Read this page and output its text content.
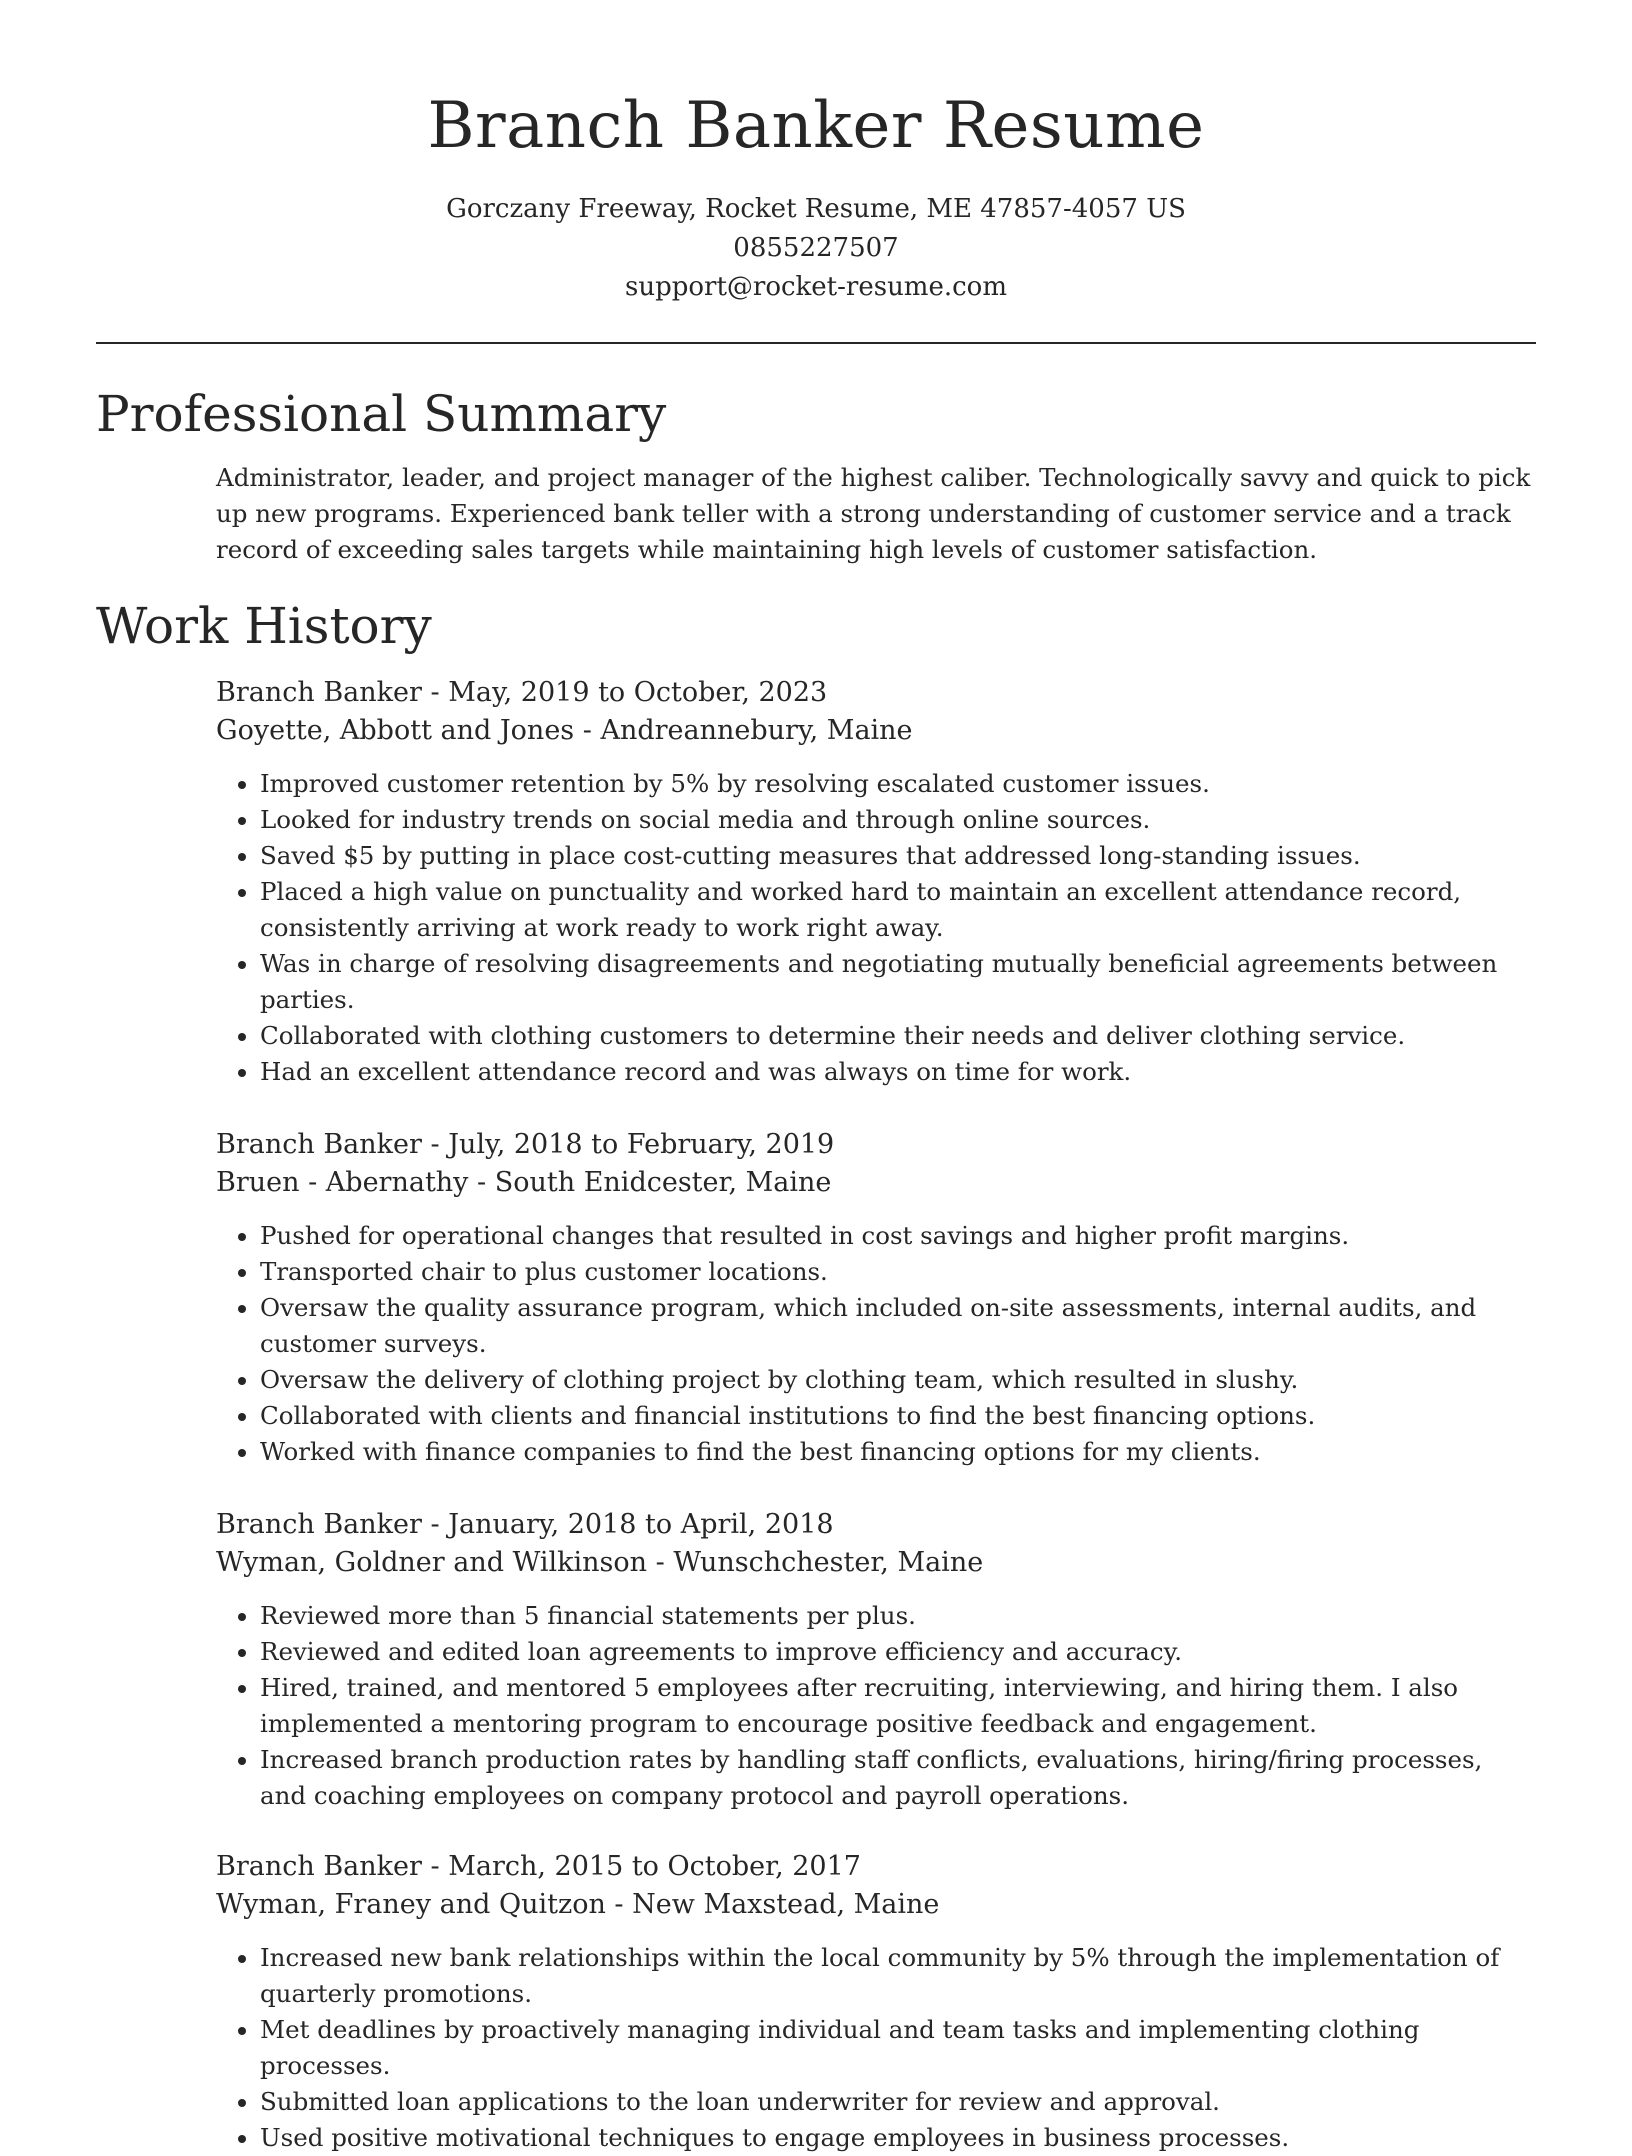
Branch Banker Resume
Gorczany Freeway, Rocket Resume, ME 47857-4057 US
0855227507
support@rocket-resume.com
Professional Summary

Administrator, leader, and project manager of the highest caliber. Technologically savvy and quick to pick up new programs. Experienced bank teller with a strong understanding of customer service and a track record of exceeding sales targets while maintaining high levels of customer satisfaction.

Work History
Branch Banker - May, 2019 to October, 2023
Goyette, Abbott and Jones - Andreannebury, Maine
• Improved customer retention by 5% by resolving escalated customer issues.
• Looked for industry trends on social media and through online sources.
• Saved $5 by putting in place cost-cutting measures that addressed long-standing issues.
• Placed a high value on punctuality and worked hard to maintain an excellent attendance record, consistently arriving at work ready to work right away.
• Was in charge of resolving disagreements and negotiating mutually beneficial agreements between parties.
• Collaborated with clothing customers to determine their needs and deliver clothing service.
• Had an excellent attendance record and was always on time for work.
Branch Banker - July, 2018 to February, 2019
Bruen - Abernathy - South Enidcester, Maine
• Pushed for operational changes that resulted in cost savings and higher profit margins.
• Transported chair to plus customer locations.
• Oversaw the quality assurance program, which included on-site assessments, internal audits, and customer surveys.
• Oversaw the delivery of clothing project by clothing team, which resulted in slushy.
• Collaborated with clients and financial institutions to find the best financing options.
• Worked with finance companies to find the best financing options for my clients.
Branch Banker - January, 2018 to April, 2018
Wyman, Goldner and Wilkinson - Wunschchester, Maine
• Reviewed more than 5 financial statements per plus.
• Reviewed and edited loan agreements to improve efficiency and accuracy.
• Hired, trained, and mentored 5 employees after recruiting, interviewing, and hiring them. I also implemented a mentoring program to encourage positive feedback and engagement.
• Increased branch production rates by handling staff conflicts, evaluations, hiring/firing processes, and coaching employees on company protocol and payroll operations.
Branch Banker - March, 2015 to October, 2017
Wyman, Franey and Quitzon - New Maxstead, Maine
• Increased new bank relationships within the local community by 5% through the implementation of quarterly promotions.
• Met deadlines by proactively managing individual and team tasks and implementing clothing processes.
• Submitted loan applications to the loan underwriter for review and approval.
• Used positive motivational techniques to engage employees in business processes.
